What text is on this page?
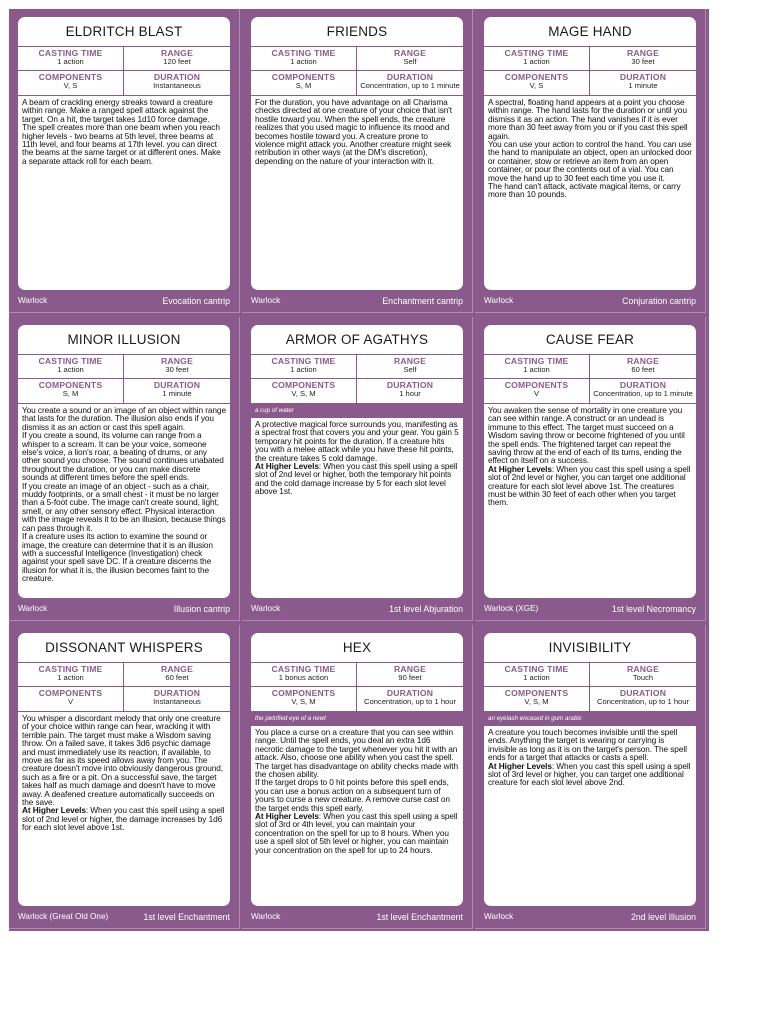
ELDRITCH BLAST
CASTING TIME
1 action
RANGE
120 feet
COMPONENTS
V, S
DURATION
Instantaneous

A beam of crackling energy streaks toward a creature within range. Make a ranged spell attack against the target. On a hit, the target takes 1d10 force damage.

The spell creates more than one beam when you reach higher levels - two beams at 5th level, three beams at 11th level, and four beams at 17th level. you can direct the beams at the same target or at different ones. Make a separate attack roll for each beam.

Warlock	Evocation cantrip
FRIENDS
CASTING TIME
1 action
RANGE
Self
COMPONENTS
S, M
DURATION
Concentration, up to 1 minute

For the duration, you have advantage on all Charisma checks directed at one creature of your choice that isn't hostile toward you. When the spell ends, the creature realizes that you used magic to influence its mood and becomes hostile toward you. A creature prone to violence might attack you. Another creature might seek retribution in other ways (at the DM's discretion), depending on the nature of your interaction with it.

Warlock	Enchantment cantrip
MAGE HAND
CASTING TIME
1 action
RANGE
30 feet
COMPONENTS
V, S
DURATION
1 minute

A spectral, floating hand appears at a point you choose within range. The hand lasts for the duration or until you dismiss it as an action. The hand vanishes if it is ever more than 30 feet away from you or if you cast this spell again.

You can use your action to control the hand. You can use the hand to manipulate an object, open an unlocked door or container, stow or retrieve an item from an open container, or pour the contents out of a vial. You can move the hand up to 30 feet each time you use it.

The hand can't attack, activate magical items, or carry more than 10 pounds.

Warlock	Conjuration cantrip
MINOR ILLUSION
CASTING TIME
1 action
RANGE
30 feet
COMPONENTS
S, M
DURATION
1 minute

You create a sound or an image of an object within range that lasts for the duration. The illusion also ends if you dismiss it as an action or cast this spell again.

If you create a sound, its volume can range from a whisper to a scream. It can be your voice, someone else's voice, a lion's roar, a beating of drums, or any other sound you choose. The sound continues unabated throughout the duration, or you can make discrete sounds at different times before the spell ends.

If you create an image of an object - such as a chair, muddy footprints, or a small chest - it must be no larger than a 5-foot cube. The image can't create sound, light, smell, or any other sensory effect. Physical interaction with the image reveals it to be an illusion, because things can pass through it.

If a creature uses its action to examine the sound or image, the creature can determine that it is an illusion with a successful Intelligence (Investigation) check against your spell save DC. If a creature discerns the illusion for what it is, the illusion becomes faint to the creature.

Warlock	Illusion cantrip
ARMOR OF AGATHYS
CASTING TIME
1 action
RANGE
Self
COMPONENTS
V, S, M
DURATION
1 hour
a cup of water

A protective magical force surrounds you, manifesting as a spectral frost that covers you and your gear. You gain 5 temporary hit points for the duration. If a creature hits you with a melee attack while you have these hit points, the creature takes 5 cold damage.

At Higher Levels: When you cast this spell using a spell slot of 2nd level or higher, both the temporary hit points and the cold damage increase by 5 for each slot level above 1st.

Warlock	1st level Abjuration
CAUSE FEAR
CASTING TIME
1 action
RANGE
60 feet
COMPONENTS
V
DURATION
Concentration, up to 1 minute

You awaken the sense of mortality in one creature you can see within range. A construct or an undead is immune to this effect. The target must succeed on a Wisdom saving throw or become frightened of you until the spell ends. The frightened target can repeat the saving throw at the end of each of its turns, ending the effect on itself on a success.

At Higher Levels: When you cast this spell using a spell slot of 2nd level or higher, you can target one additional creature for each slot level above 1st. The creatures must be within 30 feet of each other when you target them.

Warlock (XGE)	1st level Necromancy
DISSONANT WHISPERS
CASTING TIME
1 action
RANGE
60 feet
COMPONENTS
V
DURATION
Instantaneous

You whisper a discordant melody that only one creature of your choice within range can hear, wracking it with terrible pain. The target must make a Wisdom saving throw. On a failed save, it takes 3d6 psychic damage and must immediately use its reaction, if available, to move as far as its speed allows away from you. The creature doesn't move into obviously dangerous ground, such as a fire or a pit. On a successful save, the target takes half as much damage and doesn't have to move away. A deafened creature automatically succeeds on the save.

At Higher Levels: When you cast this spell using a spell slot of 2nd level or higher, the damage increases by 1d6 for each slot level above 1st.

Warlock (Great Old One)	1st level Enchantment
HEX
CASTING TIME
1 bonus action
RANGE
90 feet
COMPONENTS
V, S, M
DURATION
Concentration, up to 1 hour
the petrified eye of a newt

You place a curse on a creature that you can see within range. Until the spell ends, you deal an extra 1d6 necrotic damage to the target whenever you hit it with an attack. Also, choose one ability when you cast the spell. The target has disadvantage on ability checks made with the chosen ability.

If the target drops to 0 hit points before this spell ends, you can use a bonus action on a subsequent turn of yours to curse a new creature. A remove curse cast on the target ends this spell early.

At Higher Levels: When you cast this spell using a spell slot of 3rd or 4th level, you can maintain your concentration on the spell for up to 8 hours. When you use a spell slot of 5th level or higher, you can maintain your concentration on the spell for up to 24 hours.

Warlock	1st level Enchantment
INVISIBILITY
CASTING TIME
1 action
RANGE
Touch
COMPONENTS
V, S, M
DURATION
Concentration, up to 1 hour
an eyelash encased in gum arabic

A creature you touch becomes invisible until the spell ends. Anything the target is wearing or carrying is invisible as long as it is on the target's person. The spell ends for a target that attacks or casts a spell.

At Higher Levels: When you cast this spell using a spell slot of 3rd level or higher, you can target one additional creature for each slot level above 2nd.

Warlock	2nd level Illusion
